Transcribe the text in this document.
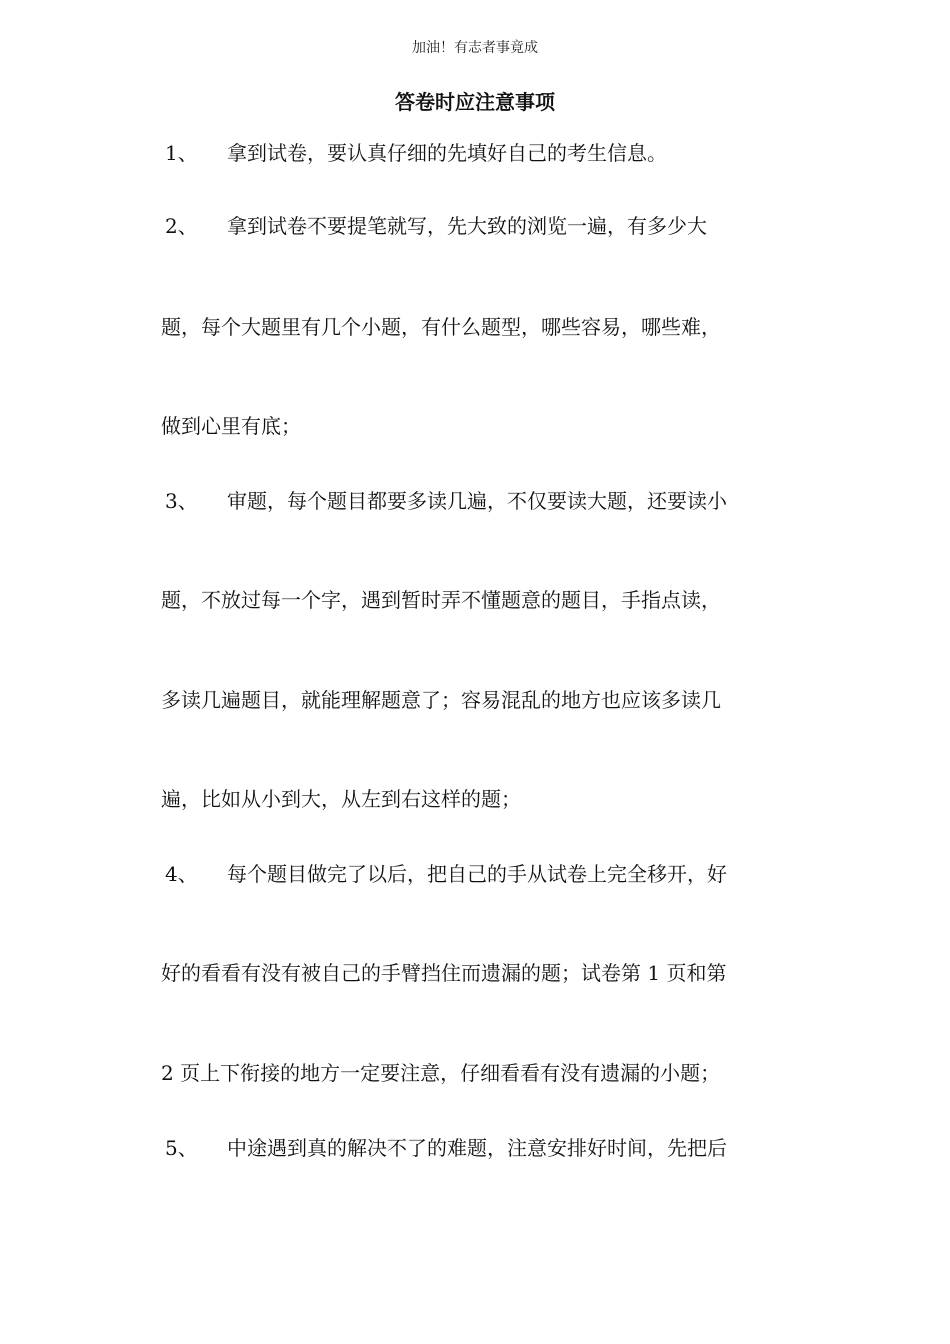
加油！有志者事竟成
答卷时应注意事项
1、 拿到试卷，要认真仔细的先填好自己的考生信息。
2、 拿到试卷不要提笔就写，先大致的浏览一遍，有多少大
题，每个大题里有几个小题，有什么题型，哪些容易，哪些难，
做到心里有底；
3、 审题，每个题目都要多读几遍，不仅要读大题，还要读小
题，不放过每一个字，遇到暂时弄不懂题意的题目，手指点读，
多读几遍题目，就能理解题意了；容易混乱的地方也应该多读几
遍，比如从小到大，从左到右这样的题；
4、 每个题目做完了以后，把自己的手从试卷上完全移开，好
好的看看有没有被自己的手臂挡住而遗漏的题；试卷第 1 页和第
2 页上下衔接的地方一定要注意，仔细看看有没有遗漏的小题；
5、 中途遇到真的解决不了的难题，注意安排好时间，先把后
